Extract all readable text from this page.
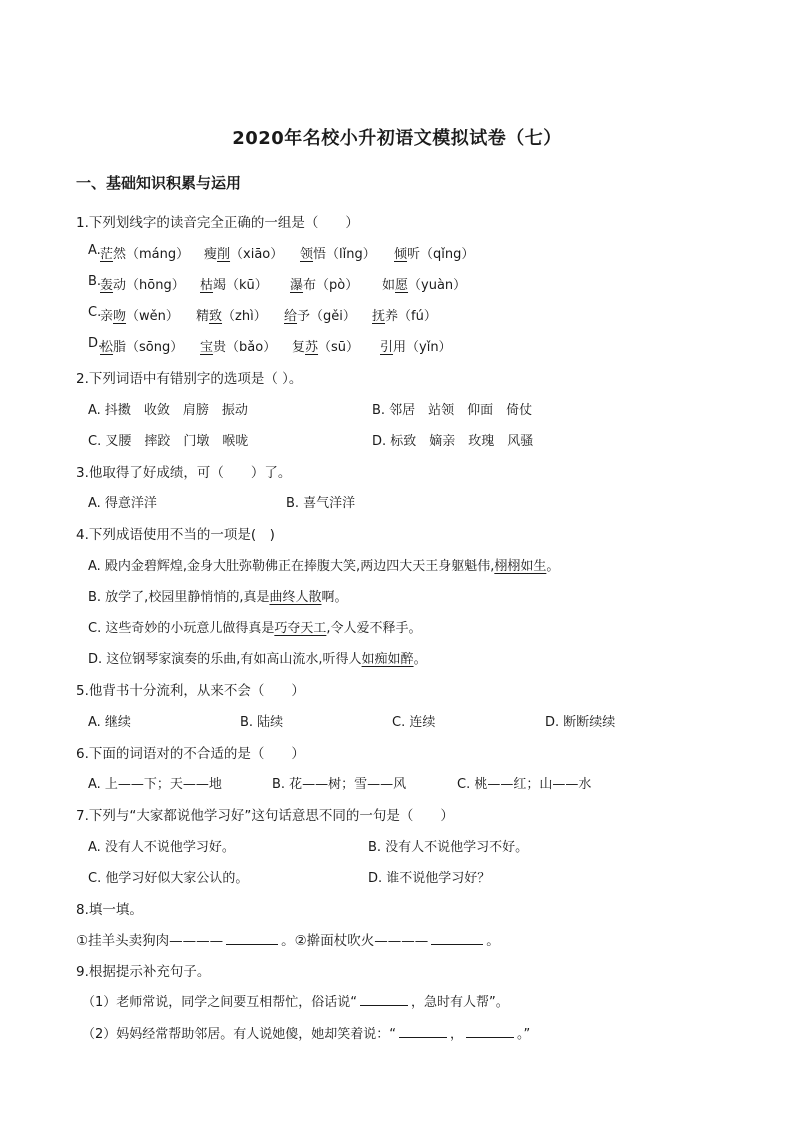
2020年名校小升初语文模拟试卷（七）
一、基础知识积累与运用
1.下列划线字的读音完全正确的一组是（　　）
A. 茫然（máng） 瘦削（xiāo） 领悟（lǐng） 倾听（qǐng）
B.
轰动（hōng） 枯竭（kū） 瀑布（pò） 如愿（yuàn）
C.
亲吻（wěn） 精致（zhì） 给予（gěi） 抚养（fú）
D.
松脂（sōng） 宝贵（bǎo） 复苏（sū） 引用（yǐn）
2.下列词语中有错别字的选项是（ ）。
A. 抖擞　收敛　肩膀　振动	B. 邻居　站领　仰面　倚仗
C. 叉腰　摔跤　门墩　喉咙	D. 标致　嫡亲　玫瑰　风骚
3.他取得了好成绩，可（　　）了。
A. 得意洋洋	B. 喜气洋洋
4.下列成语使用不当的一项是(　)
A. 殿内金碧辉煌,金身大肚弥勒佛正在捧腹大笑,两边四大天王身躯魁伟,栩栩如生。
B. 放学了,校园里静悄悄的,真是曲终人散啊。
C. 这些奇妙的小玩意儿做得真是巧夺天工,令人爱不释手。
D. 这位钢琴家演奏的乐曲,有如高山流水,听得人如痴如醉。
5.他背书十分流利，从来不会（　　）
A. 继续	B. 陆续	C. 连续	D. 断断续续
6.下面的词语对的不合适的是（　　）
A. 上——下；天——地	B. 花——树；雪——风	C. 桃——红；山——水
7.下列与“大家都说他学习好”这句话意思不同的一句是（　　）
A. 没有人不说他学习好。	B. 没有人不说他学习不好。
C. 他学习好似大家公认的。	D. 谁不说他学习好？
8.填一填。
①挂羊头卖狗肉————	。②擀面杖吹火————	。
9.根据提示补充句子。
（1）老师常说，同学之间要互相帮忙，俗话说“	，急时有人帮”。
（2）妈妈经常帮助邻居。有人说她傻，她却笑着说：“	，	。”
